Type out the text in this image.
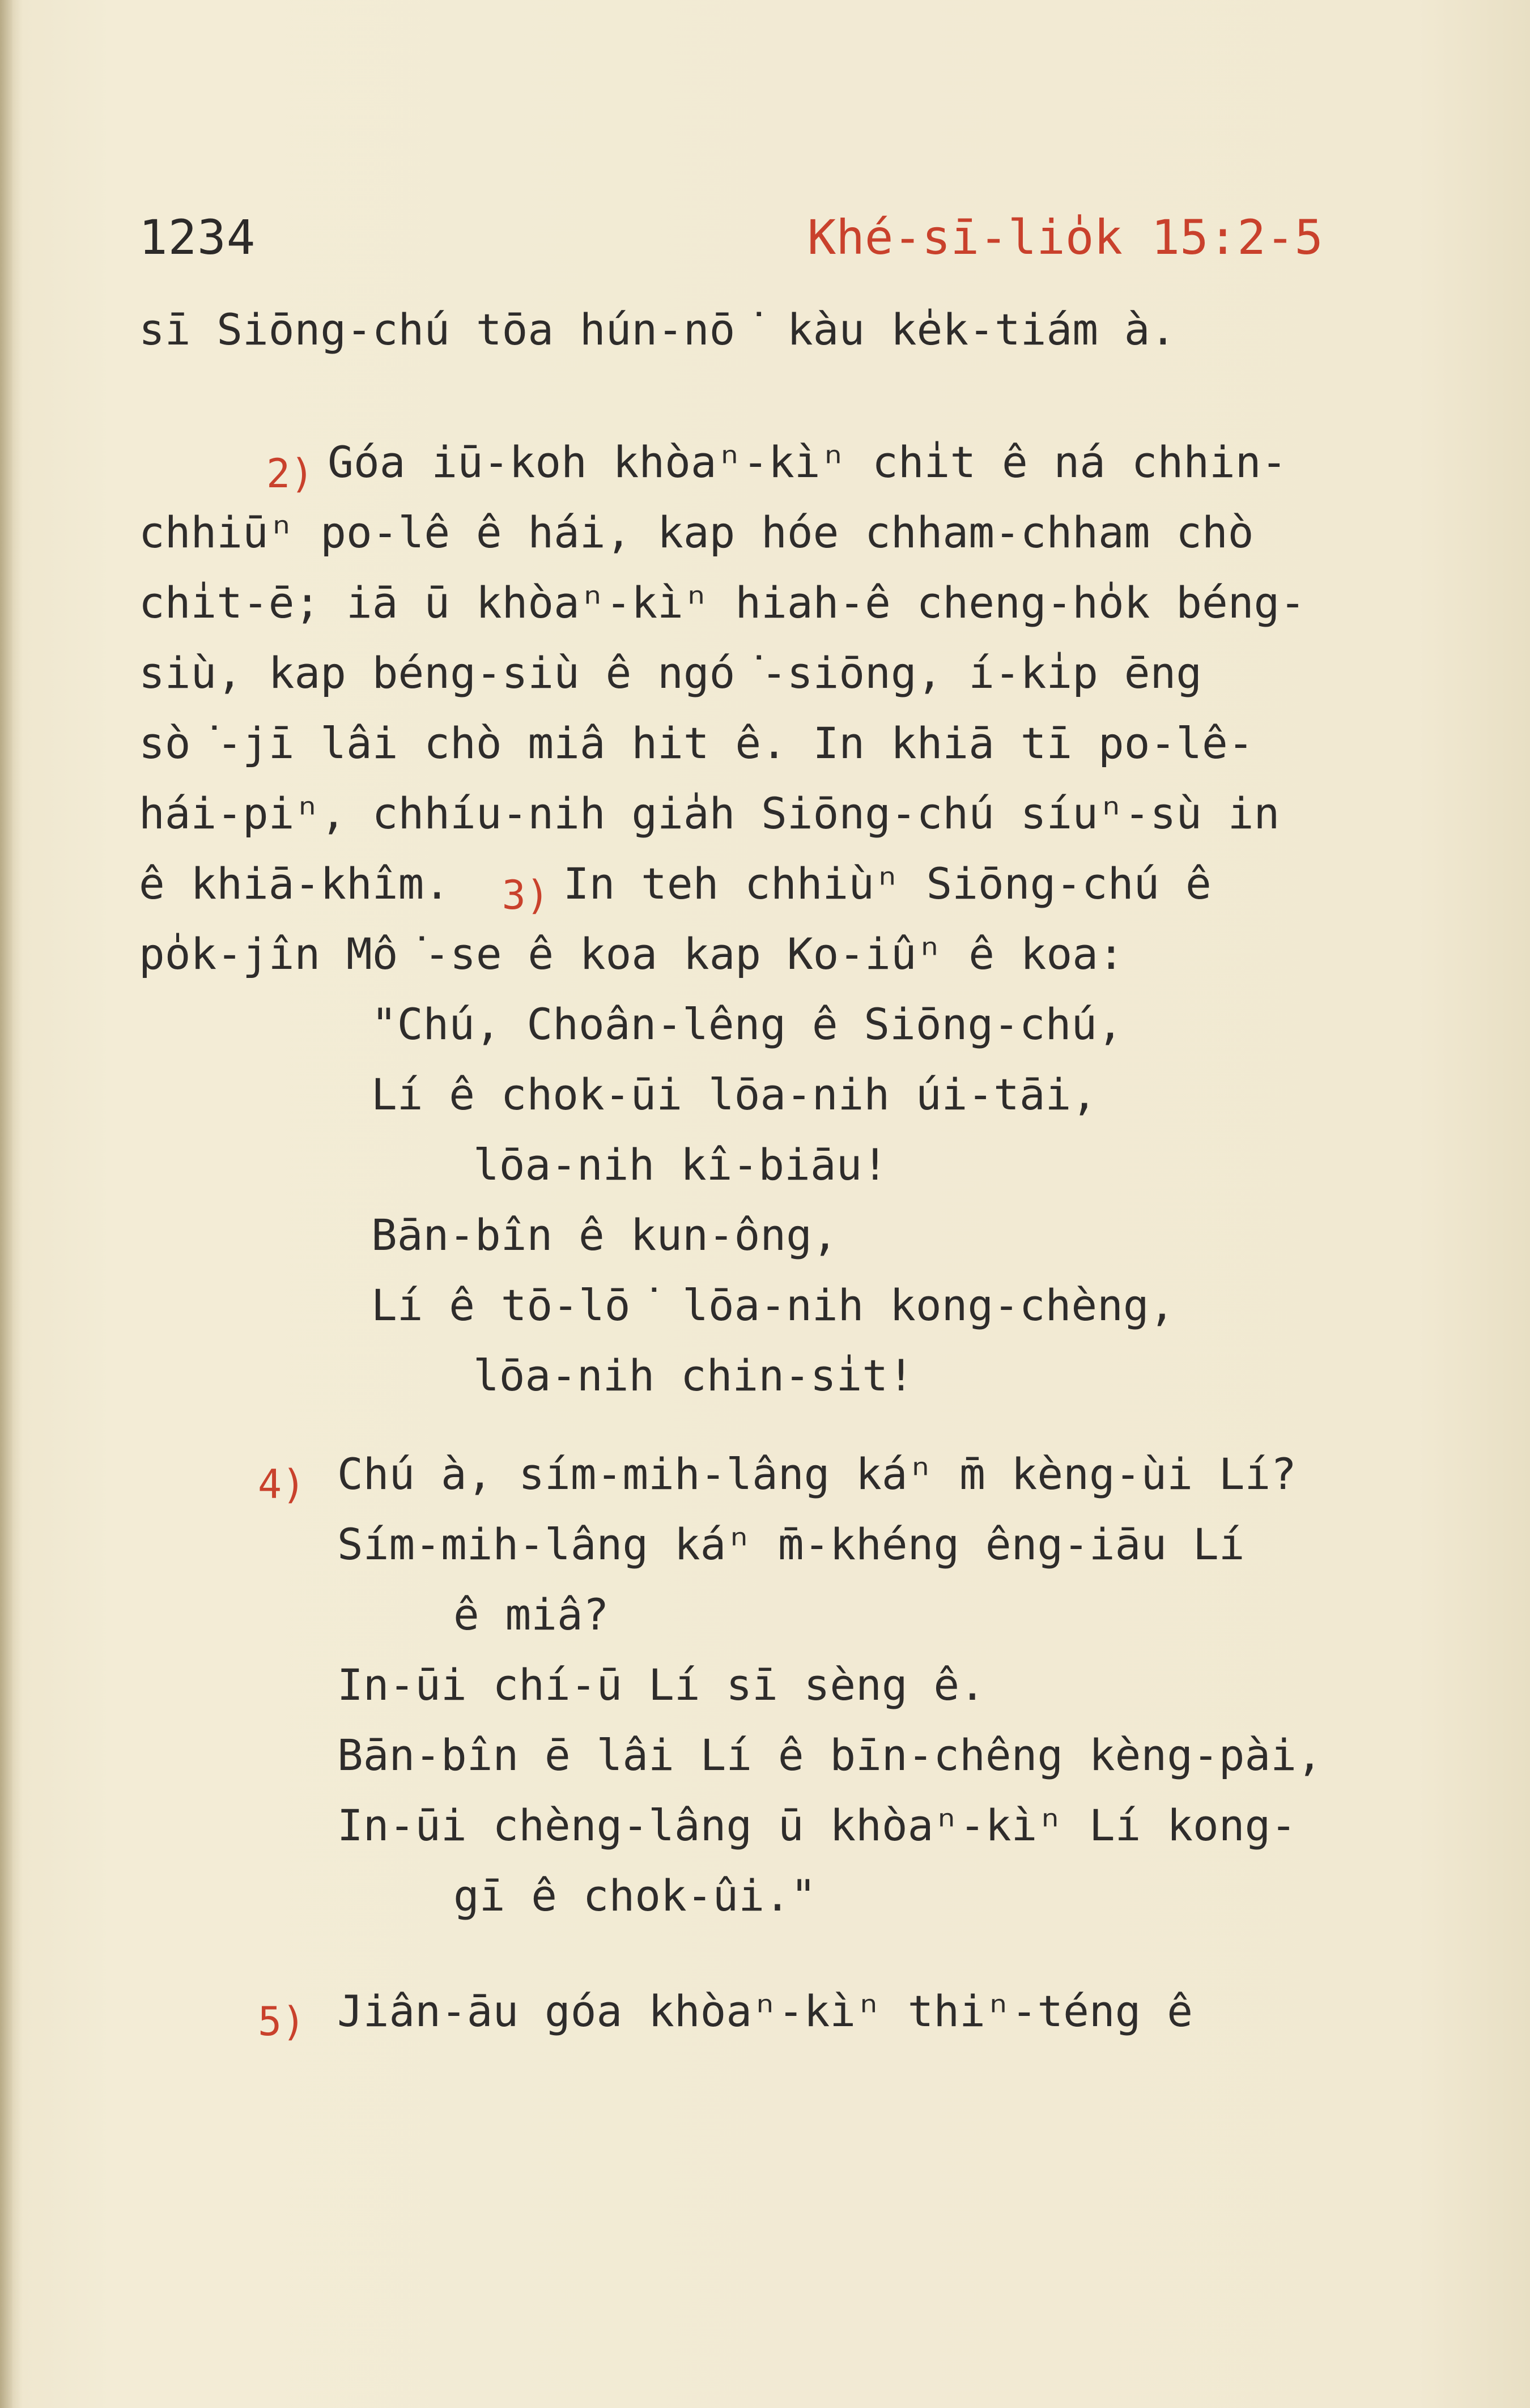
1234	Khé-sī-lio̍k 15:2-5
sī Siōng-chú tōa hún-nō͘ kàu ke̍k-tiám à.
2) Góa iū-koh khòaⁿ-kìⁿ chi̍t ê ná chhin-
chhiūⁿ po-lê ê hái, kap hóe chham-chham chò
chi̍t-ē; iā ū khòaⁿ-kìⁿ hiah-ê cheng-ho̍k béng-
siù, kap béng-siù ê ngó͘-siōng, í-ki̍p ēng
sò͘-jī lâi chò miâ hit ê. In khiā tī po-lê-
hái-piⁿ, chhíu-nih gia̍h Siōng-chú síuⁿ-sù in
ê khiā-khîm. 3) In teh chhiùⁿ Siōng-chú ê
po̍k-jîn Mô͘-se ê koa kap Ko-iûⁿ ê koa:
"Chú, Choân-lêng ê Siōng-chú,
Lí ê chok-ūi lōa-nih úi-tāi,
lōa-nih kî-biāu!
Bān-bîn ê kun-ông,
Lí ê tō-lō͘ lōa-nih kong-chèng,
lōa-nih chin-si̍t!
4) Chú à, sím-mih-lâng káⁿ m̄ kèng-ùi Lí?
Sím-mih-lâng káⁿ m̄-khéng êng-iāu Lí
ê miâ?
In-ūi chí-ū Lí sī sèng ê.
Bān-bîn ē lâi Lí ê bīn-chêng kèng-pài,
In-ūi chèng-lâng ū khòaⁿ-kìⁿ Lí kong-
gī ê chok-ûi."
5) Jiân-āu góa khòaⁿ-kìⁿ thiⁿ-téng ê
